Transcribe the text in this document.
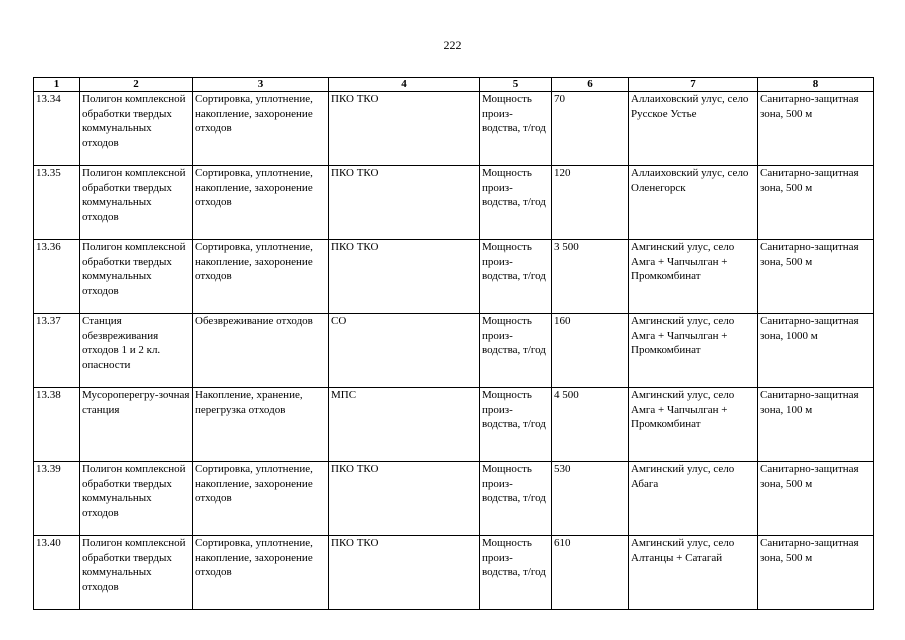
222
1	2	3	4	5	6	7	8
13.34	Полигон комплексной обработки твердых коммунальных отходов	Сортировка, уплотнение, накопление, захоронение отходов	ПКО ТКО	Мощность произ-водства, т/год	70	Аллаиховский улус, село Русское Устье	Санитарно-защитная зона, 500 м
13.35	Полигон комплексной обработки твердых коммунальных отходов	Сортировка, уплотнение, накопление, захоронение отходов	ПКО ТКО	Мощность произ-водства, т/год	120	Аллаиховский улус, село Оленегорск	Санитарно-защитная зона, 500 м
13.36	Полигон комплексной обработки твердых коммунальных отходов	Сортировка, уплотнение, накопление, захоронение отходов	ПКО ТКО	Мощность произ-водства, т/год	3 500	Амгинский улус, село Амга + Чапчылган + Промкомбинат	Санитарно-защитная зона, 500 м
13.37	Станция обезвреживания отходов 1 и 2 кл. опасности	Обезвреживание отходов	СО	Мощность произ-водства, т/год	160	Амгинский улус, село Амга + Чапчылган + Промкомбинат	Санитарно-защитная зона, 1000 м
13.38	Мусороперегру-зочная станция	Накопление, хранение, перегрузка отходов	МПС	Мощность произ-водства, т/год	4 500	Амгинский улус, село Амга + Чапчылган + Промкомбинат	Санитарно-защитная зона, 100 м
13.39	Полигон комплексной обработки твердых коммунальных отходов	Сортировка, уплотнение, накопление, захоронение отходов	ПКО ТКО	Мощность произ-водства, т/год	530	Амгинский улус, село Абага	Санитарно-защитная зона, 500 м
13.40	Полигон комплексной обработки твердых коммунальных отходов	Сортировка, уплотнение, накопление, захоронение отходов	ПКО ТКО	Мощность произ-водства, т/год	610	Амгинский улус, село Алтанцы + Сатагай	Санитарно-защитная зона, 500 м
